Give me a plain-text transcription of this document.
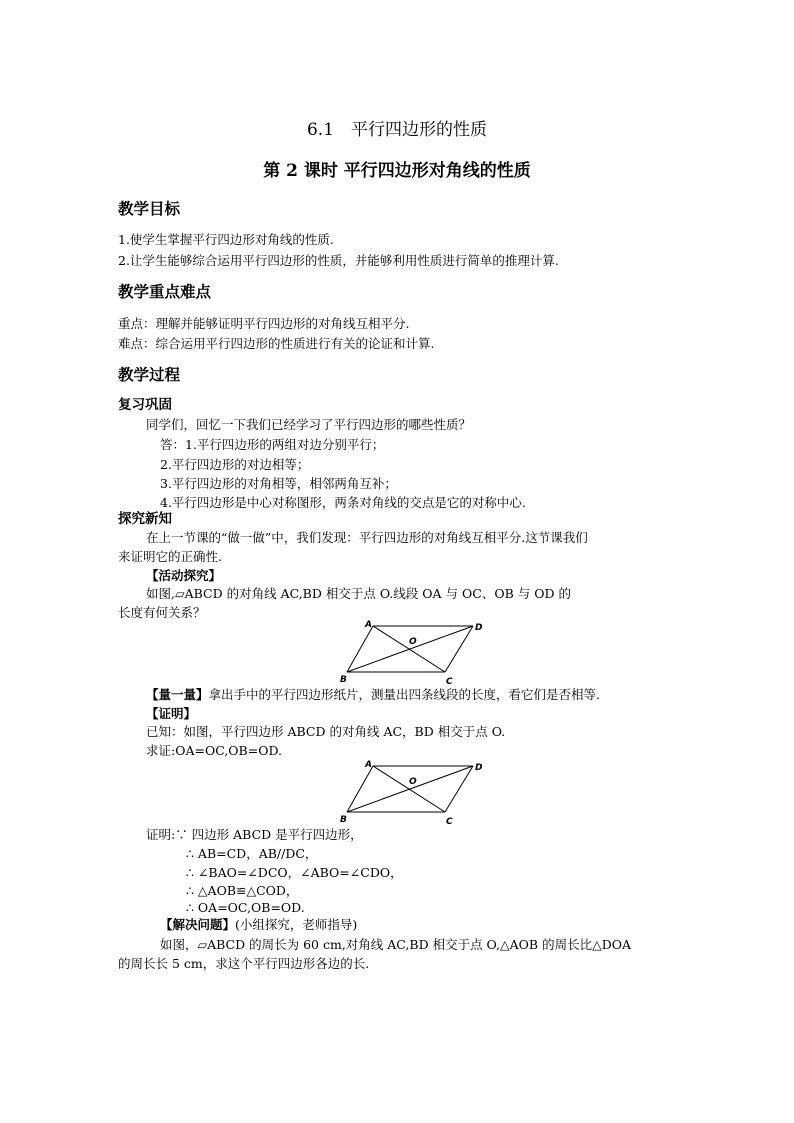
6.1　平行四边形的性质
第 2 课时 平行四边形对角线的性质
教学目标
1.使学生掌握平行四边形对角线的性质.
2.让学生能够综合运用平行四边形的性质，并能够利用性质进行简单的推理计算.
教学重点难点
重点：理解并能够证明平行四边形的对角线互相平分.
难点：综合运用平行四边形的性质进行有关的论证和计算.
教学过程
复习巩固
同学们，回忆一下我们已经学习了平行四边形的哪些性质？
答：1.平行四边形的两组对边分别平行；
2.平行四边形的对边相等；
3.平行四边形的对角相等，相邻两角互补；
4.平行四边形是中心对称图形，两条对角线的交点是它的对称中心.
探究新知
在上一节课的“做一做”中，我们发现：平行四边形的对角线互相平分.这节课我们
来证明它的正确性.
【活动探究】
如图,▱ABCD 的对角线 AC,BD 相交于点 O.线段 OA 与 OC、OB 与 OD 的
长度有何关系？
A	D
B	C
O
【量一量】拿出手中的平行四边形纸片，测量出四条线段的长度，看它们是否相等.
【证明】
已知：如图，平行四边形 ABCD 的对角线 AC，BD 相交于点 O.
求证:OA=OC,OB=OD.
A	D
B	C
O
证明:∵ 四边形 ABCD 是平行四边形，
∴ AB=CD，AB//DC，
∴ ∠BAO=∠DCO，∠ABO=∠CDO，
∴ △AOB≌△COD，
∴ OA=OC,OB=OD.
【解决问题】(小组探究，老师指导)
如图，▱ABCD 的周长为 60 cm,对角线 AC,BD 相交于点 O,△AOB 的周长比△DOA
的周长长 5 cm，求这个平行四边形各边的长.
